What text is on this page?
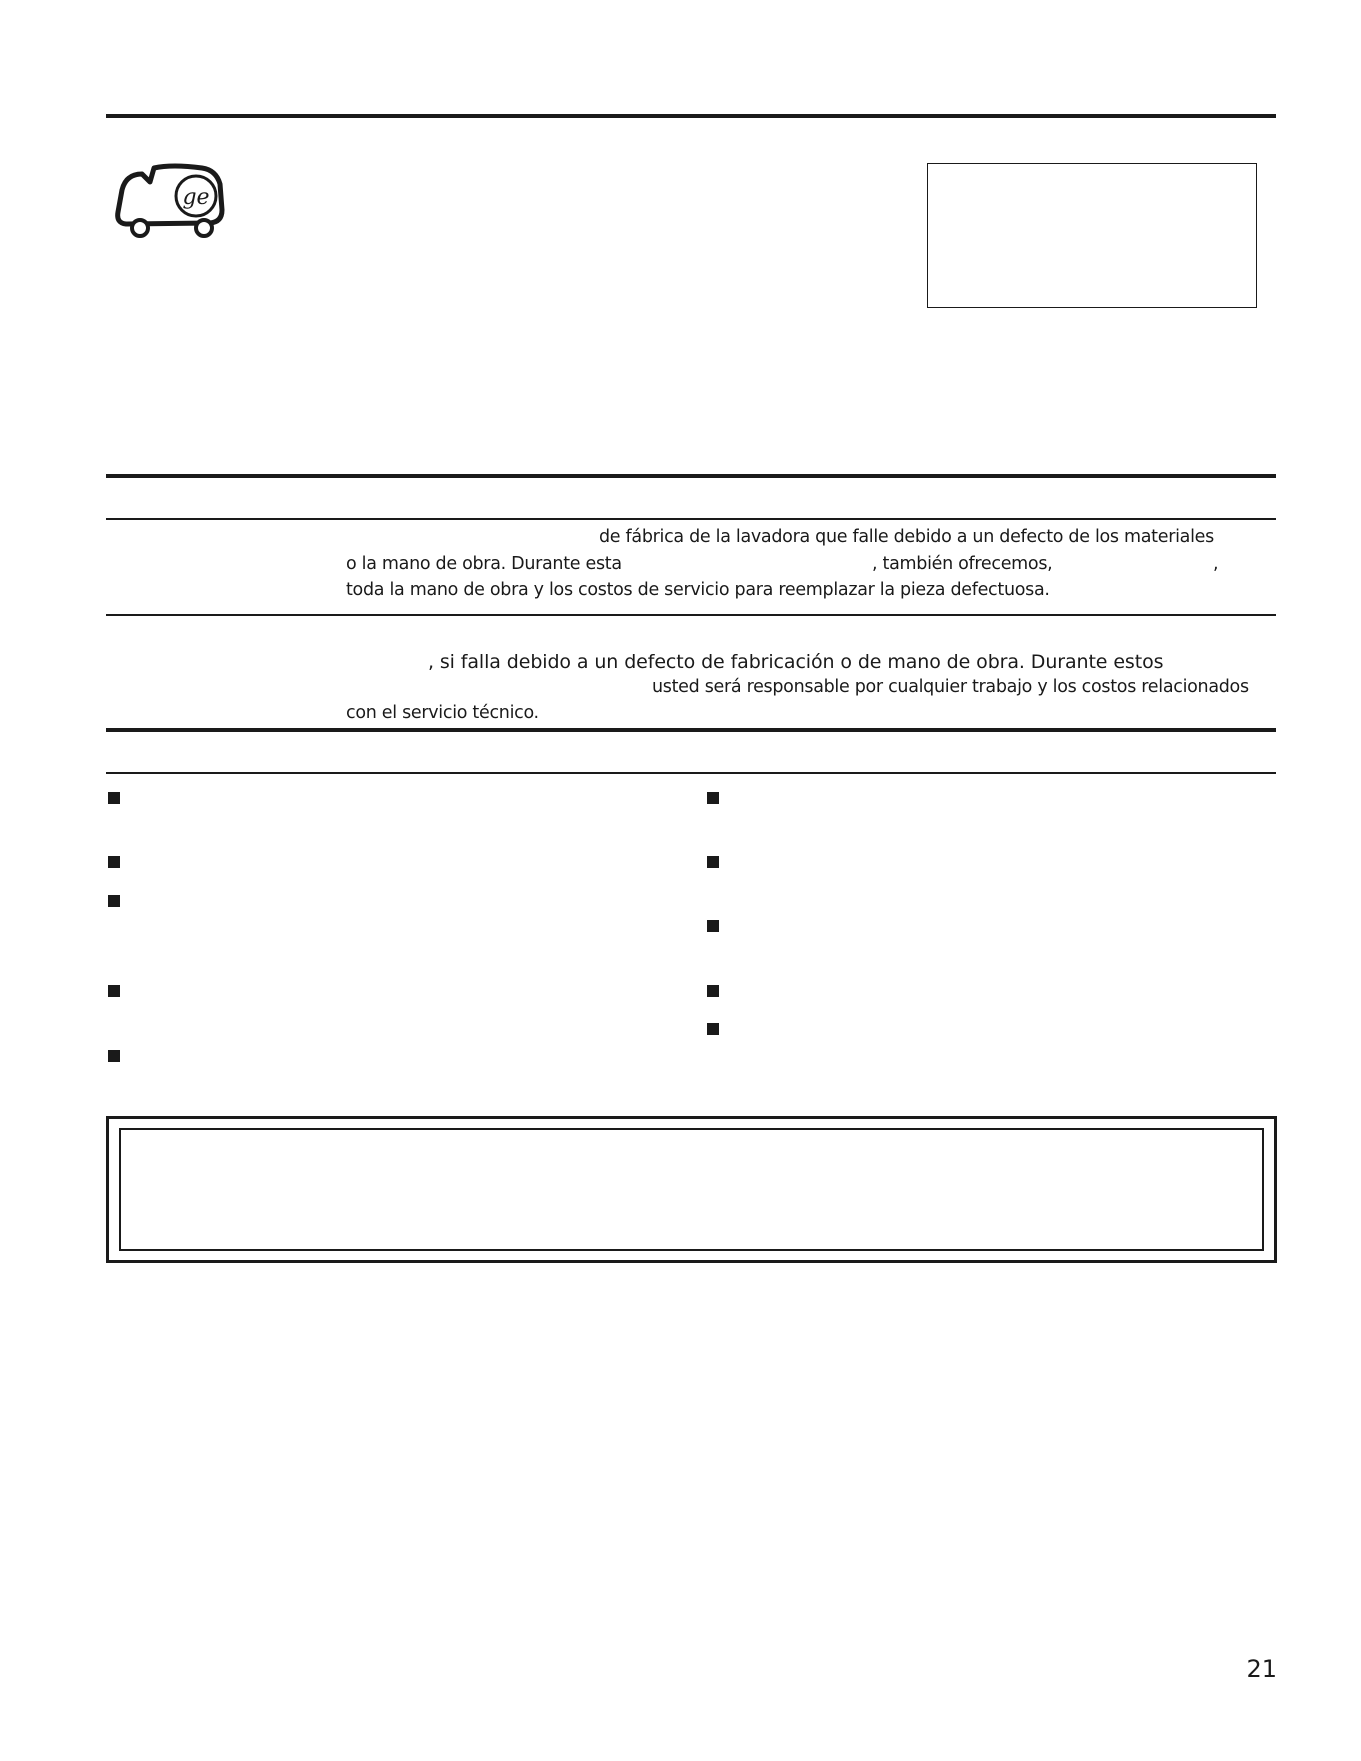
ge
de fábrica de la lavadora que falle debido a un defecto de los materiales
o la mano de obra. Durante esta	, también ofrecemos,	,
toda la mano de obra y los costos de servicio para reemplazar la pieza defectuosa.
, si falla debido a un defecto de fabricación o de mano de obra. Durante estos
usted será responsable por cualquier trabajo y los costos relacionados
con el servicio técnico.
21
